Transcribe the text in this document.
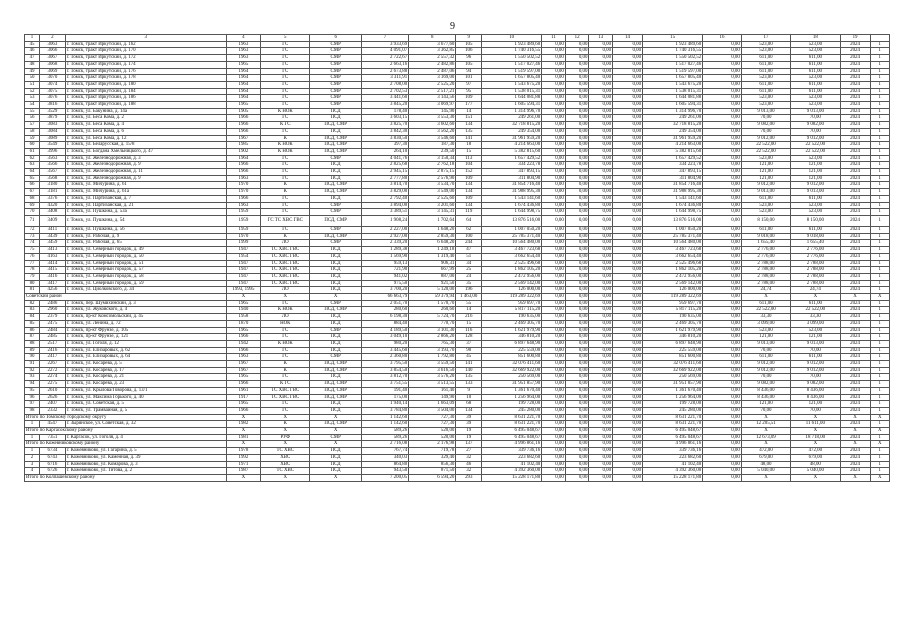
9
1	2	3	4	5	6	7	8	9	10	11	12	13	14	15	16	17	18	19	
45	3063	г. Томск, тракт Иркутский, д. 162	1963	ГС	СМР	3 933,69	3 677,60	105	1 923 489,60	0,00	0,00	0,00	0,00	1 923 489,60	0,00	523,00	523,00	2024	1
46	3066	г. Томск, тракт Иркутский, д. 170	1963	ГС	СМР	4 091,07	3 362,85	106	1 740 316,55	0,00	0,00	0,00	0,00	1 740 316,55	0,00	523,00	523,00	2024	1
47	3067	г. Томск, тракт Иркутский, д. 172	1963	ГС	СМР	2 722,67	2 557,32	96	1 550 502,52	0,00	0,00	0,00	0,00	1 550 502,52	0,00	611,00	611,00	2024	1
48	3068	г. Томск, тракт Иркутский, д. 174	1965	ГС	СМР	2 663,16	2 482,86	105	1 517 027,46	0,00	0,00	0,00	0,00	1 517 027,46	0,00	611,00	611,00	2024	1
49	3069	г. Томск, тракт Иркутский, д. 176	1964	ГС	СМР	2 673,88	2 487,06	94	1 519 597,00	0,00	0,00	0,00	0,00	1 519 597,00	0,00	611,00	611,00	2024	1
50	3070	г. Томск, тракт Иркутский, д. 178	1964	ГС	СМР	3 311,91	3 169,00	101	1 657 805,40	0,00	0,00	0,00	0,00	1 657 805,40	0,00	523,00	523,00	2024	1
51	3074	г. Томск, тракт Иркутский, д. 180	1964	ГС	СМР	2 708,00	2 525,20	97	1 543 675,20	0,00	0,00	0,00	0,00	1 543 675,20	0,00	611,00	611,00	2024	1
52	3075	г. Томск, тракт Иркутский, д. 184	1964	ГС	СМР	2 702,53	2 517,21	95	1 538 015,31	0,00	0,00	0,00	0,00	1 538 015,31	0,00	611,00	611,00	2024	1
53	3076	г. Томск, тракт Иркутский, д. 186	1964	ГС	СМР	3 441,60	3 143,56	109	1 644 081,88	0,00	0,00	0,00	0,00	1 644 081,88	0,00	523,00	523,00	2024	1
54	3816	г. Томск, тракт Иркутский, д. 188	1965	ГС	СМР	3 845,20	3 069,97	177	1 605 594,31	0,00	0,00	0,00	0,00	1 605 594,31	0,00	523,00	523,00	2024	1
55	3529	г. Томск, ул. Бакунина, д. 14а	1905	К НОК	ПСД	178,40	145,90	14	1 314 996,70	0,00	0,00	0,00	0,00	1 314 996,70	0,00	9 013,00	9 013,00	2024	1
56	3879	г. Томск, ул. Беса Кома, д. 2	1966	ГС	ПСД	3 603,15	3 553,30	151	249 261,00	0,00	0,00	0,00	0,00	249 261,00	0,00	70,00	70,00	2024	1
57	3083	г. Томск, ул. Беса Кома, д. 4	1966	К ГС	ПСД, СМР	3 825,70	3 602,60	134	32 718 815,20	0,00	0,00	0,00	0,00	32 718 815,20	0,00	9 082,00	9 082,00	2024	1
58	3084	г. Томск, ул. Беса Кома, д. 6	1966	ГС	ПСД	3 842,30	3 562,20	135	249 354,00	0,00	0,00	0,00	0,00	249 354,00	0,00	70,00	70,00	2024	1
59	3089	г. Томск, ул. Беса Кома, д. 12	1967	К	ПСД, СМР	3 830,50	3 546,60	141	31 961 959,20	0,00	0,00	0,00	0,00	31 961 959,20	0,00	9 012,00	9 012,00	2024	1
60	3549	г. Томск, ул. Беларусская, д. 15/8	1985	К НОК	ПСД, СМР	397,30	187,30	18	4 214 663,00	0,00	0,00	0,00	0,00	4 214 663,00	0,00	22 522,00	22 522,00	2024	1
61	3996	г. Томск, ул. Богдана Хмельницкого, д. 47	1902	К НОК	ПСД, СМР	264,10	239,50	15	5 382 815,60	0,00	0,00	0,00	0,00	5 382 815,60	0,00	22 522,00	22 522,00	2024	1
62	3563	г. Томск, ул. Железнодорожная, д. 3	1964	ГС	СМР	4 041,76	3 150,34	113	1 657 429,52	0,00	0,00	0,00	0,00	1 657 429,52	0,00	523,00	523,00	2024	1
63	3566	г. Томск, ул. Железнодорожная, д. 9	1966	ГС	ПСД	2 825,68	2 762,18	104	334 223,78	0,00	0,00	0,00	0,00	334 223,78	0,00	121,00	121,00	2024	1
64	3567	г. Томск, ул. Железнодорожная, д. 11	1966	ГС	ПСД	2 945,15	2 875,15	152	347 893,15	0,00	0,00	0,00	0,00	347 893,15	0,00	121,00	121,00	2024	1
65	3568	г. Томск, ул. Железнодорожная, д. 9	1963	ГС	ПСД	2 777,80	2 576,90	109	311 804,90	0,00	0,00	0,00	0,00	311 804,90	0,00	121,00	121,00	2024	1
66	3180	г. Томск, ул. Мичурина, д. 61	1970	К	ПСД, СМР	3 814,70	3 534,70	134	31 854 716,40	0,00	0,00	0,00	0,00	31 854 716,40	0,00	9 012,00	9 012,00	2024	1
67	3181	г. Томск, ул. Мичурина, д. 61а	1970	К	ПСД, СМР	3 829,00	3 549,00	134	31 988 995,30	0,00	0,00	0,00	0,00	31 988 995,30	0,00	9 013,00	9 013,00	2024	1
68	3376	г. Томск, ул. Партизанская, д. 7	1966	ГС	ПСД	2 792,40	2 525,60	109	1 543 141,60	0,00	0,00	0,00	0,00	1 543 141,60	0,00	611,00	611,00	2024	1
69	4320	г. Томск, ул. Партизанская, д. 21	1963	ГС	СМР	3 894,00	3 201,60	134	1 674 436,80	0,00	0,00	0,00	0,00	1 674 436,80	0,00	523,00	523,00	2024	1
70	3408	г. Томск, ул. Пушкина, д. 53а	1959	ГС	СМР	3 389,51	3 145,31	119	1 644 998,75	0,00	0,00	0,00	0,00	1 644 998,75	0,00	523,00	523,00	2024	1
71	3409	г. Томск, ул. Пушкина, д. 54	1959	ГС ТС ХВС ГВС	ПСД, СМР	1 908,24	1 702,64	64	13 876 516,00	0,00	0,00	0,00	0,00	13 876 516,00	0,00	8 150,00	8 150,00	2024	1
72	3411	г. Томск, ул. Пушкина, д. 56	1959	ГС	СМР	2 227,00	1 648,20	62	1 007 050,20	0,00	0,00	0,00	0,00	1 007 050,20	0,00	611,00	611,00	2024	1
73	3439	г. Томск, ул. Рабочая, д. 9	1970	К	ПСД, СМР	2 927,00	2 859,30	100	25 785 371,40	0,00	0,00	0,00	0,00	25 785 371,40	0,00	9 018,00	9 018,00	2024	1
74	3459	г. Томск, ул. Рабочая, д. 65	1999	ЛО	СМР	2 339,20	6 648,20	244	10 564 480,00	0,00	0,00	0,00	0,00	10 564 480,00	0,00	1 655,40	1 655,40	2024	1
75	3413	г. Томск, ул. Северный городок, д. 49	1947	ТС ХВС ГВС	ПСД	1 289,38	1 249,18	47	3 467 723,68	0,00	0,00	0,00	0,00	3 467 723,68	0,00	2 776,00	2 776,00	2024	1
76	4163	г. Томск, ул. Северный городок, д. 50	1954	ТС ХВС ГВС	ПСД	1 569,90	1 319,40	51	3 662 654,40	0,00	0,00	0,00	0,00	3 662 654,40	0,00	2 776,00	2 776,00	2024	1
77	3414	г. Томск, ул. Северный городок, д. 51	1947	ТС ХВС ГВС	ПСД	959,13	906,31	34	2 525 496,68	0,00	0,00	0,00	0,00	2 525 496,68	0,00	2 788,00	2 788,00	2024	1
78	3415	г. Томск, ул. Северный городок, д. 57	1947	ТС ХВС ГВС	ПСД	721,90	667,99	25	1 862 105,20	0,00	0,00	0,00	0,00	1 862 105,20	0,00	2 788,00	2 788,00	2024	1
79	3416	г. Томск, ул. Северный городок, д. 58	1947	ТС ХВС ГВС	ПСД	941,02	887,00	24	2 472 956,00	0,00	0,00	0,00	0,00	2 472 956,00	0,00	2 788,00	2 788,00	2024	1
80	3417	г. Томск, ул. Северный городок, д. 59	1947	ТС ХВС ГВС	ПСД	975,50	921,50	35	2 569 142,00	0,00	0,00	0,00	0,00	2 569 142,00	0,00	2 788,00	2 788,00	2024	1
81	4256	г. Томск, ул. Циолковского, д. 34	1993, 1995	ЛО	ПСД	3 700,20	5 120,00	196	126 000,00	0,00	0,00	0,00	0,00	126 000,00	0,00	24,74	24,74	2024	1
Советский район			X	X	X	66 663,79	59 379,94	1 463,00	119 289 322,69	0,00	0,00	0,00	0,00	119 289 322,69	0,00	X	X	X	X
82	2486	г. Томск, пер. Шумихинский, д. 3	1965	ГС	СМР	2 051,70	1 570,70	55	959 697,70	0,00	0,00	0,00	0,00	959 697,70	0,00	611,00	611,00	2024	1
83	2960	г. Томск, ул. Жуковского, д. 4	1940	К НОК	ПСД, СМР	280,60	260,60	14	5 817 115,20	0,00	0,00	0,00	0,00	5 817 115,20	0,00	22 522,00	22 522,00	2024	1
84	2379	г. Томск, пр-кт Комсомольский, д. 45	1958	ЛО	ПСД	6 198,30	5 724,70	216	190 635,00	0,00	0,00	0,00	0,00	190 635,00	0,00	33,30	33,30	2024	1
85	2475	г. Томск, ул. Ленина, д. 72	1870	НОК	ПСД	884,40	770,70	15	2 469 305,70	0,00	0,00	0,00	0,00	2 469 305,70	0,00	3 099,00	3 099,00	2024	1
86	2484	г. Томск, пр-кт Фрунзе, д. 105	1965	ГС	СМР	4 189,50	3 101,30	116	1 621 979,90	0,00	0,00	0,00	0,00	1 621 979,90	0,00	523,00	523,00	2024	1
87	2485	г. Томск, пр-кт Фрунзе, д. 121	1966	ГС	ПСД	3 049,10	2 866,20	128	346 810,20	0,00	0,00	0,00	0,00	346 810,20	0,00	121,00	121,00	2024	1
88	2517	г. Томск, ул. Гоголя, д. 12	1942	К НОК	ПСД	980,20	765,30	37	6 897 648,90	0,00	0,00	0,00	0,00	6 897 648,90	0,00	9 013,00	9 013,00	2024	1
89	2416	г. Томск, ул. Елизаровых, д. 62	1966	ГС	ПСД	3 445,60	3 193,70	90	225 559,00	0,00	0,00	0,00	0,00	225 559,00	0,00	70,00	70,00	2024	1
90	2417	г. Томск, ул. Елизаровых, д. 64	1963	ГС	СМР	2 360,80	1 792,80	45	851 600,80	0,00	0,00	0,00	0,00	851 600,80	0,00	611,00	611,00	2024	1
91	2267	г. Томск, ул. Косарева, д. 5	1967	К	ПСД, СМР	3 795,50	3 559,50	141	32 076 411,60	0,00	0,00	0,00	0,00	32 076 411,60	0,00	9 012,00	9 012,00	2024	1
92	2272	г. Томск, ул. Косарева, д. 17	1967	К	ПСД, СМР	3 854,50	3 616,50	140	32 669 922,00	0,00	0,00	0,00	0,00	32 669 922,00	0,00	9 012,00	9 012,00	2024	1
93	2274	г. Томск, ул. Косарева, д. 21	1965	ГС	ПСД	3 812,70	3 576,20	135	250 569,00	0,00	0,00	0,00	0,00	250 569,00	0,00	70,00	70,00	2024	1
94	2275	г. Томск, ул. Косарева, д. 23	1966	К ГС	ПСД, СМР	3 751,55	3 513,55	133	31 951 857,90	0,00	0,00	0,00	0,00	31 951 857,90	0,00	9 082,00	9 082,00	2024	1
95	2610	г. Томск, ул. Крылова/Говорова, д. 13/1	1961	ТС ХВС ГВС	ПСД, СМР	191,40	161,40	9	1 361 670,40	0,00	0,00	0,00	0,00	1 361 670,40	0,00	8 436,00	8 436,00	2024	1
96	2626	г. Томск, ул. Максима Горького, д. 40	1917	ТС ХВС ГВС	ПСД, СМР	175,00	149,90	10	1 256 964,00	0,00	0,00	0,00	0,00	1 256 964,00	0,00	8 436,00	8 436,00	2024	1
97	2407	г. Томск, ул. Советская, д. 5	1965	ГС	ПСД	1 940,14	1 663,09	68	199 728,00	0,00	0,00	0,00	0,00	199 728,00	0,00	121,00	121,00	2024	1
98	2332	г. Томск, ул. Трамвайная, д. 5	1966	ГС	ПСД	3 784,80	3 504,00	134	245 280,00	0,00	0,00	0,00	0,00	245 280,00	0,00	70,00	70,00	2024	1
Итого по Томскому городскому округу			X	X	X	1 142,60	727,30	39	8 631 221,70	0,00	0,00	0,00	0,00	8 631 221,70	0,00	X	X	X	X
1	4547	г. Зырянское, ул. Советская, д. 32	1982	К	ПСД, СМР	1 142,60	727,30	39	8 631 221,70	0,00	0,00	0,00	0,00	8 631 221,70	0,00	12 205,51	11 611,00	2024	1
Итого по Каргасокскому району			X	X	X	589,26	520,00	19	6 495 048,67	0,00	0,00	0,00	0,00	6 495 048,67	0,00	X	X	X	X
1	7351	г. Каргасок, ул. Гоголя, д. 4	1981	РУФ	СМР	589,26	520,00	19	6 495 048,67	0,00	0,00	0,00	0,00	6 495 048,67	0,00	12 673,09	18 718,00	2024	1
Итого по Кожевниковскому району			X	X	X	2 716,08	2 176,98	137	4 996 861,16	0,00	0,00	0,00	0,00	4 996 861,16	0,00	X	X	X	X
1	6734	г. Кожевниково, ул. Гагарина, д. 5	1978	ТС ХВС	ПСД	767,74	719,78	27	339 736,16	0,00	0,00	0,00	0,00	339 736,16	0,00	472,00	472,00	2024	1
2	6743	г. Кожевниково, ул. Каменная, д. 39	1992	ХВС	ПСД	340,03	329,40	32	223 682,60	0,00	0,00	0,00	0,00	223 682,60	0,00	679,00	679,00	2024	1
3	6716	г. Кожевниково, ул. Комарова, д. 3	1971	ХВС	ПСД	864,80	856,30	46	41 102,40	0,00	0,00	0,00	0,00	41 102,40	0,00	48,00	48,00	2024	1
4	6726	г. Кожевниково, ул. Титова, д. 2	1987	ТС ХВС	ПСД	943,50	871,50	32	4 392 360,00	0,00	0,00	0,00	0,00	4 392 360,00	0,00	5 040,00	5 040,00	2024	1
Итого по Колпашевскому району			X	X	X	7 200,05	6 594,20	293	15 228 171,80	0,00	0,00	0,00	0,00	15 228 171,80	0,00	X	X	X	X
